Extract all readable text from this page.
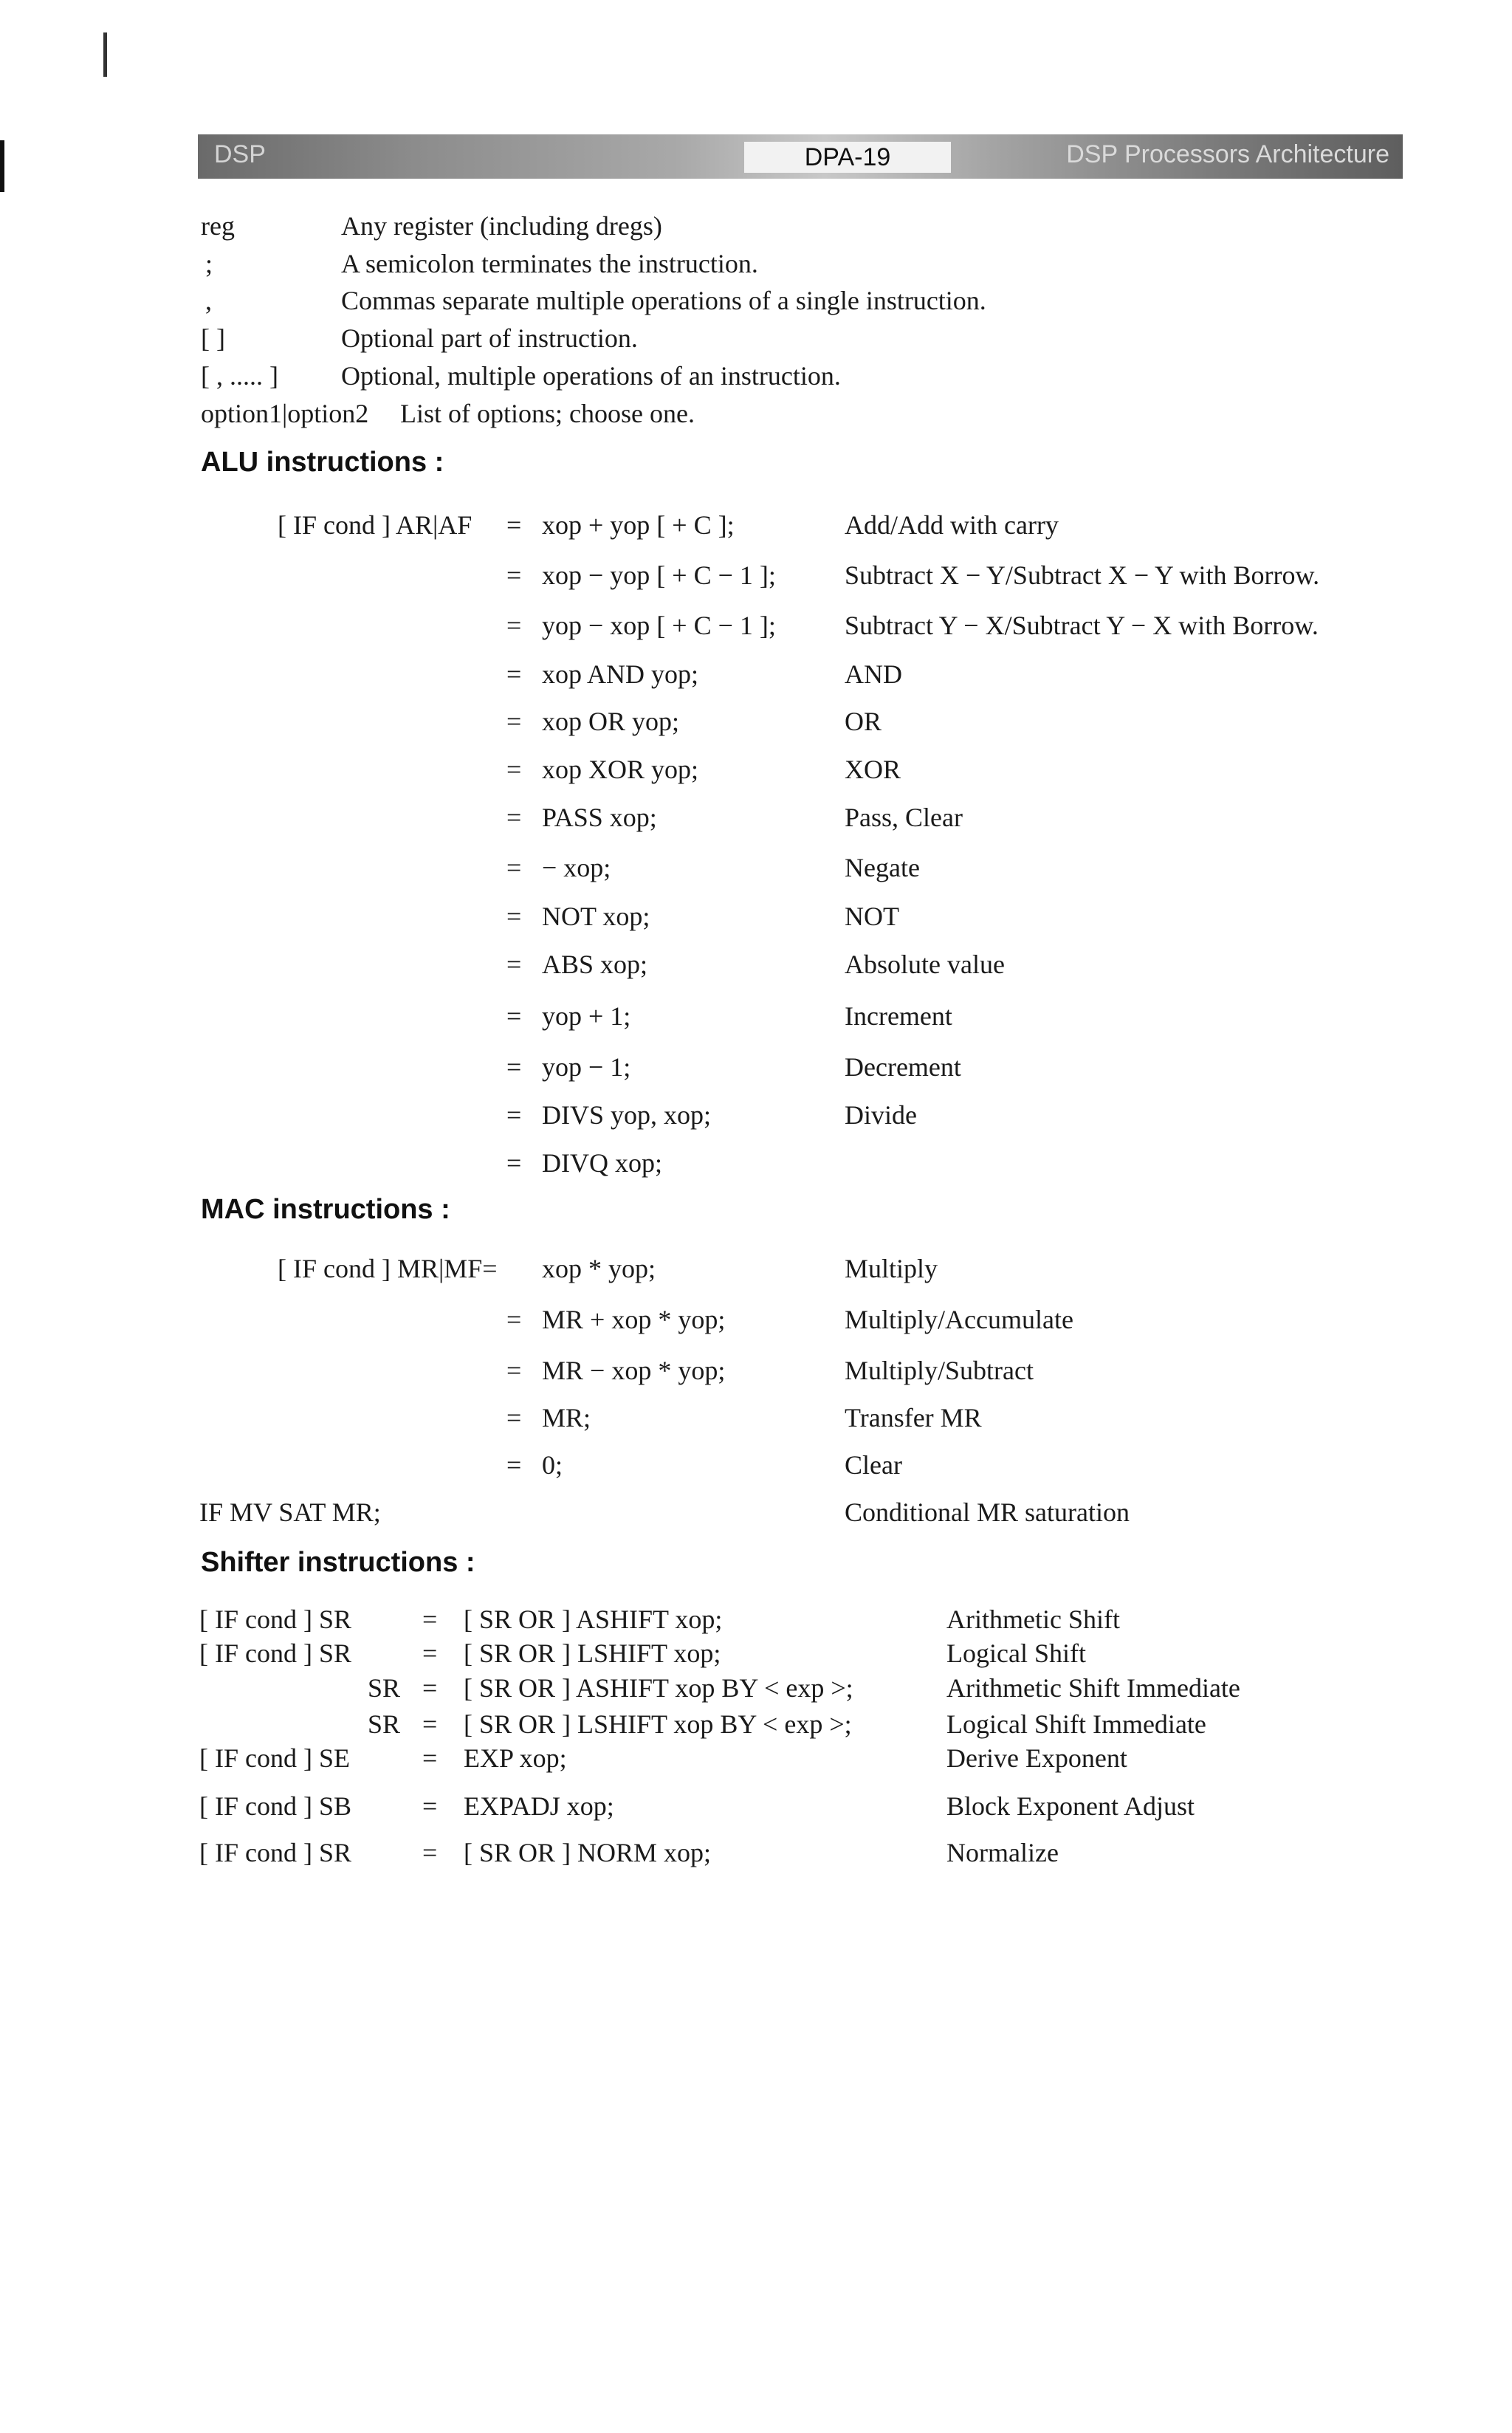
DSP	DPA-19	DSP Processors Architecture
reg	Any register (including dregs)
;	A semicolon terminates the instruction.
,	Commas separate multiple operations of a single instruction.
[ ]	Optional part of instruction.
[ , ..... ] Optional, multiple operations of an instruction.
option1|option2 List of options; choose one.
ALU instructions :
[ IF cond ] AR|AF = xop + yop [ + C ];	Add/Add with carry
= xop − yop [ + C − 1 ];	Subtract X − Y/Subtract X − Y with Borrow.
= yop − xop [ + C − 1 ];	Subtract Y − X/Subtract Y − X with Borrow.
= xop AND yop;	AND
= xop OR yop;	OR
= xop XOR yop;	XOR
= PASS xop;	Pass, Clear
= − xop;	Negate
= NOT xop;	NOT
= ABS xop;	Absolute value
= yop + 1;	Increment
= yop − 1;	Decrement
= DIVS yop, xop;	Divide
= DIVQ xop;
MAC instructions :
[ IF cond ] MR|MF= xop * yop;	Multiply
= MR + xop * yop;	Multiply/Accumulate
= MR − xop * yop;	Multiply/Subtract
= MR;	Transfer MR
= 0;	Clear
IF MV SAT MR;	Conditional MR saturation
Shifter instructions :
[ IF cond ] SR	= [ SR OR ] ASHIFT xop;	Arithmetic Shift
[ IF cond ] SR	= [ SR OR ] LSHIFT xop;	Logical Shift
SR = [ SR OR ] ASHIFT xop BY < exp >;	Arithmetic Shift Immediate
SR = [ SR OR ] LSHIFT xop BY < exp >;	Logical Shift Immediate
[ IF cond ] SE	= EXP xop;	Derive Exponent
[ IF cond ] SB	= EXPADJ xop;	Block Exponent Adjust
[ IF cond ] SR	= [ SR OR ] NORM xop;	Normalize
